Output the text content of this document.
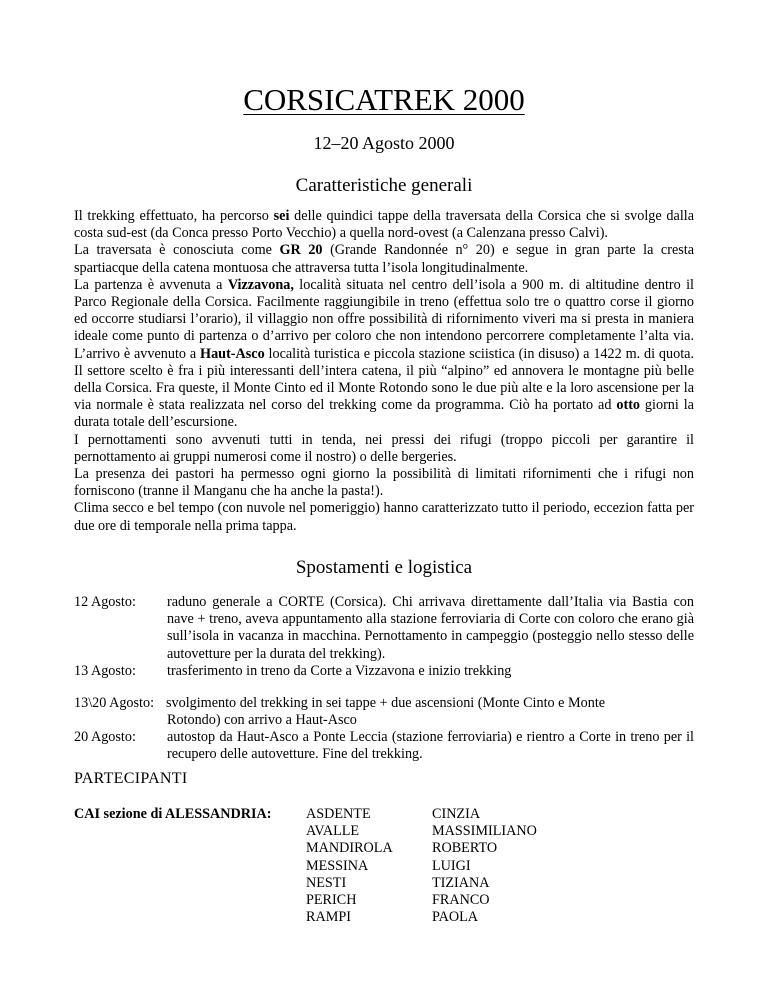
CORSICATREK 2000
12–20 Agosto 2000
Caratteristiche generali

Il trekking effettuato, ha percorso sei delle quindici tappe della traversata della Corsica che si svolge dalla costa sud-est (da Conca presso Porto Vecchio) a quella nord-ovest (a Calenzana presso Calvi).

La traversata è conosciuta come GR 20 (Grande Randonnée n° 20) e segue in gran parte la cresta spartiacque della catena montuosa che attraversa tutta l’isola longitudinalmente.

La partenza è avvenuta a Vizzavona, località situata nel centro dell’isola a 900 m. di altitudine dentro il Parco Regionale della Corsica. Facilmente raggiungibile in treno (effettua solo tre o quattro corse il giorno ed occorre studiarsi l’orario), il villaggio non offre possibilità di rifornimento viveri ma si presta in maniera ideale come punto di partenza o d’arrivo per coloro che non intendono percorrere completamente l’alta via. L’arrivo è avvenuto a Haut-Asco località turistica e piccola stazione sciistica (in disuso) a 1422 m. di quota. Il settore scelto è fra i più interessanti dell’intera catena, il più “alpino” ed annovera le montagne più belle della Corsica. Fra queste, il Monte Cinto ed il Monte Rotondo sono le due più alte e la loro ascensione per la via normale è stata realizzata nel corso del trekking come da programma. Ciò ha portato ad otto giorni la durata totale dell’escursione.

I pernottamenti sono avvenuti tutti in tenda, nei pressi dei rifugi (troppo piccoli per garantire il pernottamento ai gruppi numerosi come il nostro) o delle bergeries.

La presenza dei pastori ha permesso ogni giorno la possibilità di limitati rifornimenti che i rifugi non forniscono (tranne il Manganu che ha anche la pasta!).

Clima secco e bel tempo (con nuvole nel pomeriggio) hanno caratterizzato tutto il periodo, eccezion fatta per due ore di temporale nella prima tappa.

Spostamenti e logistica
12 Agosto: raduno generale a CORTE (Corsica). Chi arrivava direttamente dall’Italia via Bastia con nave + treno, aveva appuntamento alla stazione ferroviaria di Corte con coloro che erano già sull’isola in vacanza in macchina. Pernottamento in campeggio (posteggio nello stesso delle autovetture per la durata del trekking).
13 Agosto: trasferimento in treno da Corte a Vizzavona e inizio trekking
13\20 Agosto: svolgimento del trekking in sei tappe + due ascensioni (Monte Cinto e Monte
Rotondo) con arrivo a Haut-Asco
20 Agosto: autostop da Haut-Asco a Ponte Leccia (stazione ferroviaria) e rientro a Corte in treno per il recupero delle autovetture. Fine del trekking.
PARTECIPANTI
CAI sezione di ALESSANDRIA: ASDENTE
AVALLE
MANDIROLA
MESSINA
NESTI
PERICH
RAMPI
CINZIA
MASSIMILIANO
ROBERTO
LUIGI
TIZIANA
FRANCO
PAOLA
